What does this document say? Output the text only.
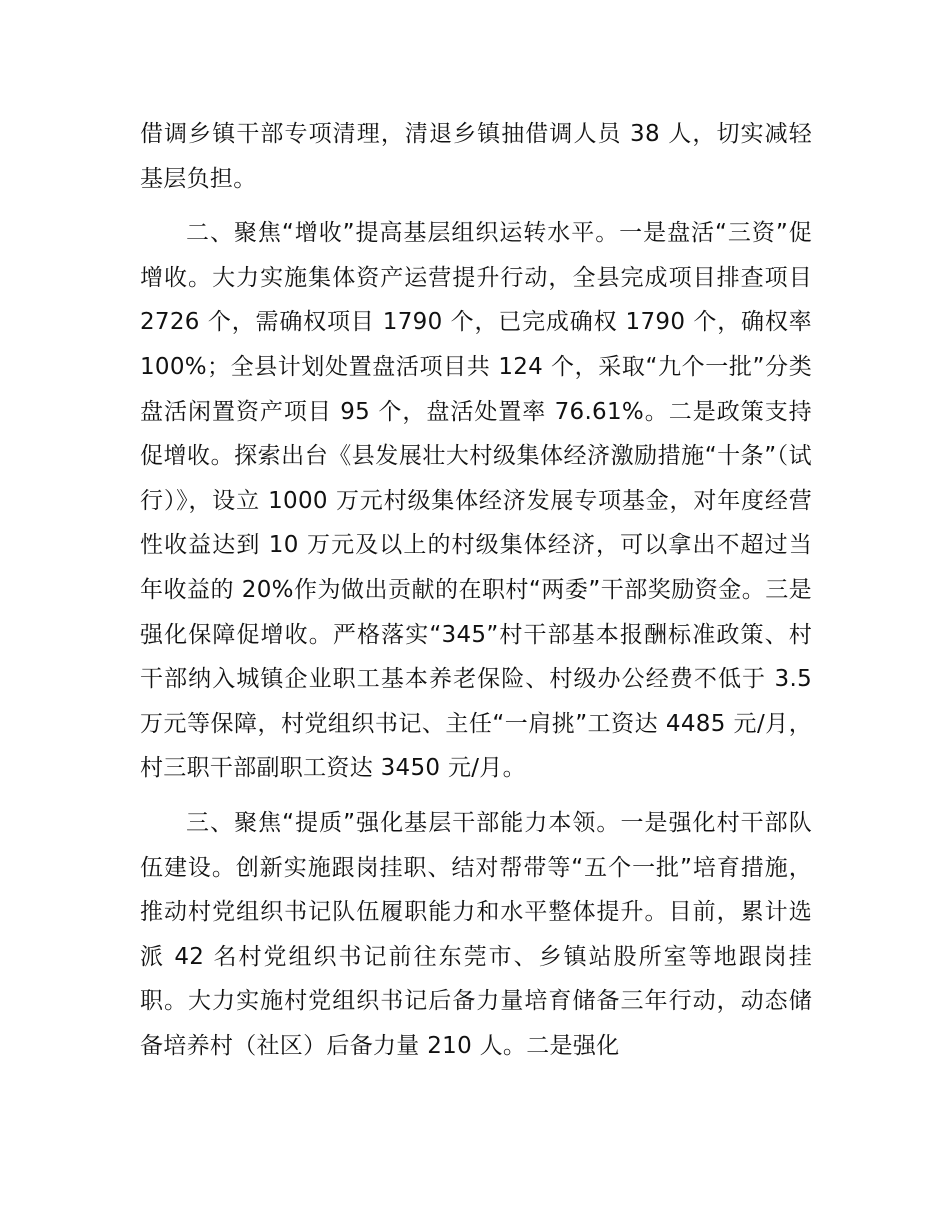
借调乡镇干部专项清理，清退乡镇抽借调人员 38 人，切实减轻基层负担。

二、聚焦“增收”提高基层组织运转水平。一是盘活“三资”促增收。大力实施集体资产运营提升行动，全县完成项目排查项目 2726 个，需确权项目 1790 个，已完成确权 1790 个，确权率 100%；全县计划处置盘活项目共 124 个，采取“九个一批”分类盘活闲置资产项目 95 个，盘活处置率 76.61%。二是政策支持促增收。探索出台《县发展壮大村级集体经济激励措施“十条”（试行）》，设立 1000 万元村级集体经济发展专项基金，对年度经营性收益达到 10 万元及以上的村级集体经济，可以拿出不超过当年收益的 20%作为做出贡献的在职村“两委”干部奖励资金。三是强化保障促增收。严格落实“345”村干部基本报酬标准政策、村干部纳入城镇企业职工基本养老保险、村级办公经费不低于 3.5 万元等保障，村党组织书记、主任“一肩挑”工资达 4485 元/月，村三职干部副职工资达 3450 元/月。

三、聚焦“提质”强化基层干部能力本领。一是强化村干部队伍建设。创新实施跟岗挂职、结对帮带等“五个一批”培育措施，推动村党组织书记队伍履职能力和水平整体提升。目前，累计选派 42 名村党组织书记前往东莞市、乡镇站股所室等地跟岗挂职。大力实施村党组织书记后备力量培育储备三年行动，动态储备培养村（社区）后备力量 210 人。二是强化
